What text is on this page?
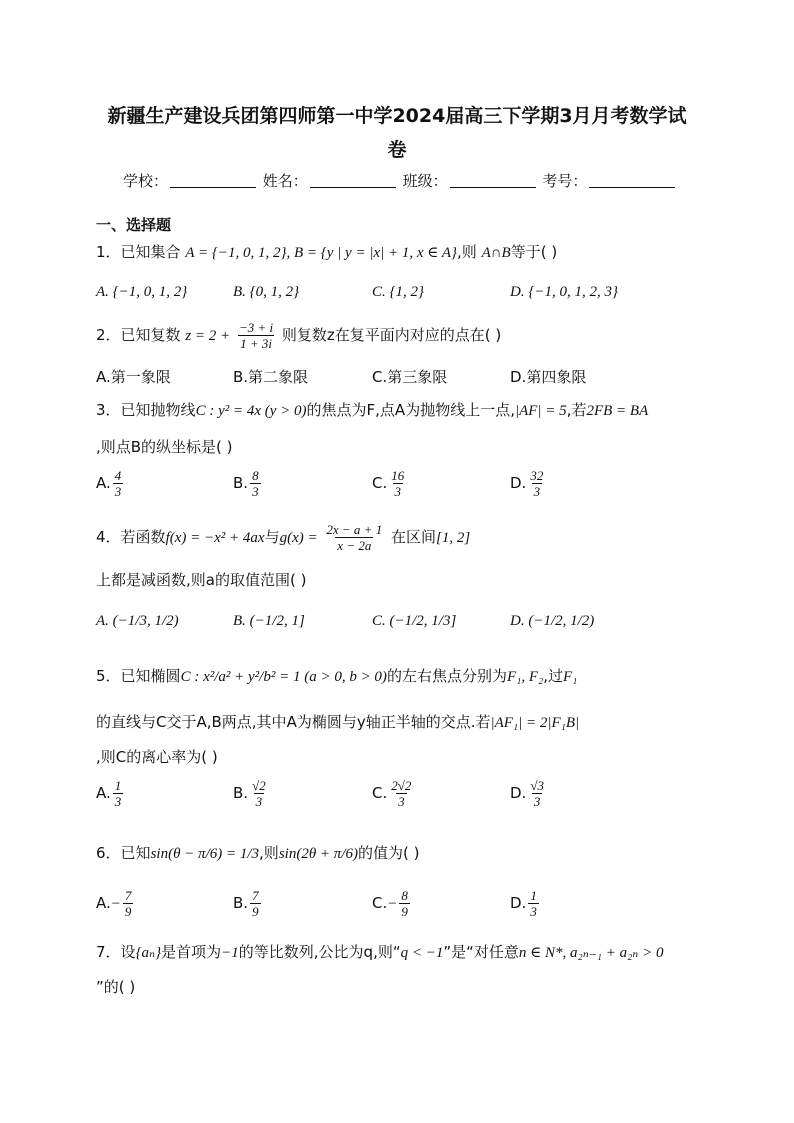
新疆生产建设兵团第四师第一中学2024届高三下学期3月月考数学试
卷
学校：	姓名：	班级：	考号：
一、选择题
1．已知集合 A = {−1, 0, 1, 2}, B = {y | y = |x| + 1, x ∈ A},则 A∩B等于( )
A. {−1, 0, 1, 2}	B. {0, 1, 2}	C. {1, 2}	D. {−1, 0, 1, 2, 3}
2．已知复数 $z = 2 + \frac{-3 + i}{1 + 3i}$ 则复数z在复平面内对应的点在( )
A.第一象限	B.第二象限	C.第三象限	D.第四象限
3．已知抛物线C : y² = 4x (y > 0)的焦点为F,点A为抛物线上一点,|AF| = 5,若2FB = BA
,则点B的纵坐标是( )
A. $\frac{4}{3}$	B. $\frac{8}{3}$	C. $\frac{16}{3}$	D. $\frac{32}{3}$
4．若函数f(x) = −x² + 4ax与$g(x) = \frac{2x - a + 1}{x - 2a}$ 在区间[1, 2]
上都是减函数,则a的取值范围( )
A. (−1/3, 1/2)	B. (−1/2, 1]	C. (−1/2, 1/3]	D. (−1/2, 1/2)
5．已知椭圆C : x²/a² + y²/b² = 1 (a > 0, b > 0)的左右焦点分别为F₁, F₂,过F₁
的直线与C交于A,B两点,其中A为椭圆与y轴正半轴的交点.若|AF₁| = 2|F₁B|
,则C的离心率为( )
A. $\frac{1}{3}$	B. $\frac{√2}{3}$	C. $\frac{2√2}{3}$	D. $\frac{√3}{3}$
6．已知sin(θ − π/6) = 1/3,则sin(2θ + π/6)的值为( )
$A.- \frac{7}{9}$	B. $\frac{7}{9}$	$C.- \frac{8}{9}$	D. $\frac{1}{3}$
7．设{aₙ}是首项为−1的等比数列,公比为q,则“q < −1”是“对任意n ∈ N*, a₂ₙ₋₁ + a₂ₙ > 0
”的( )
